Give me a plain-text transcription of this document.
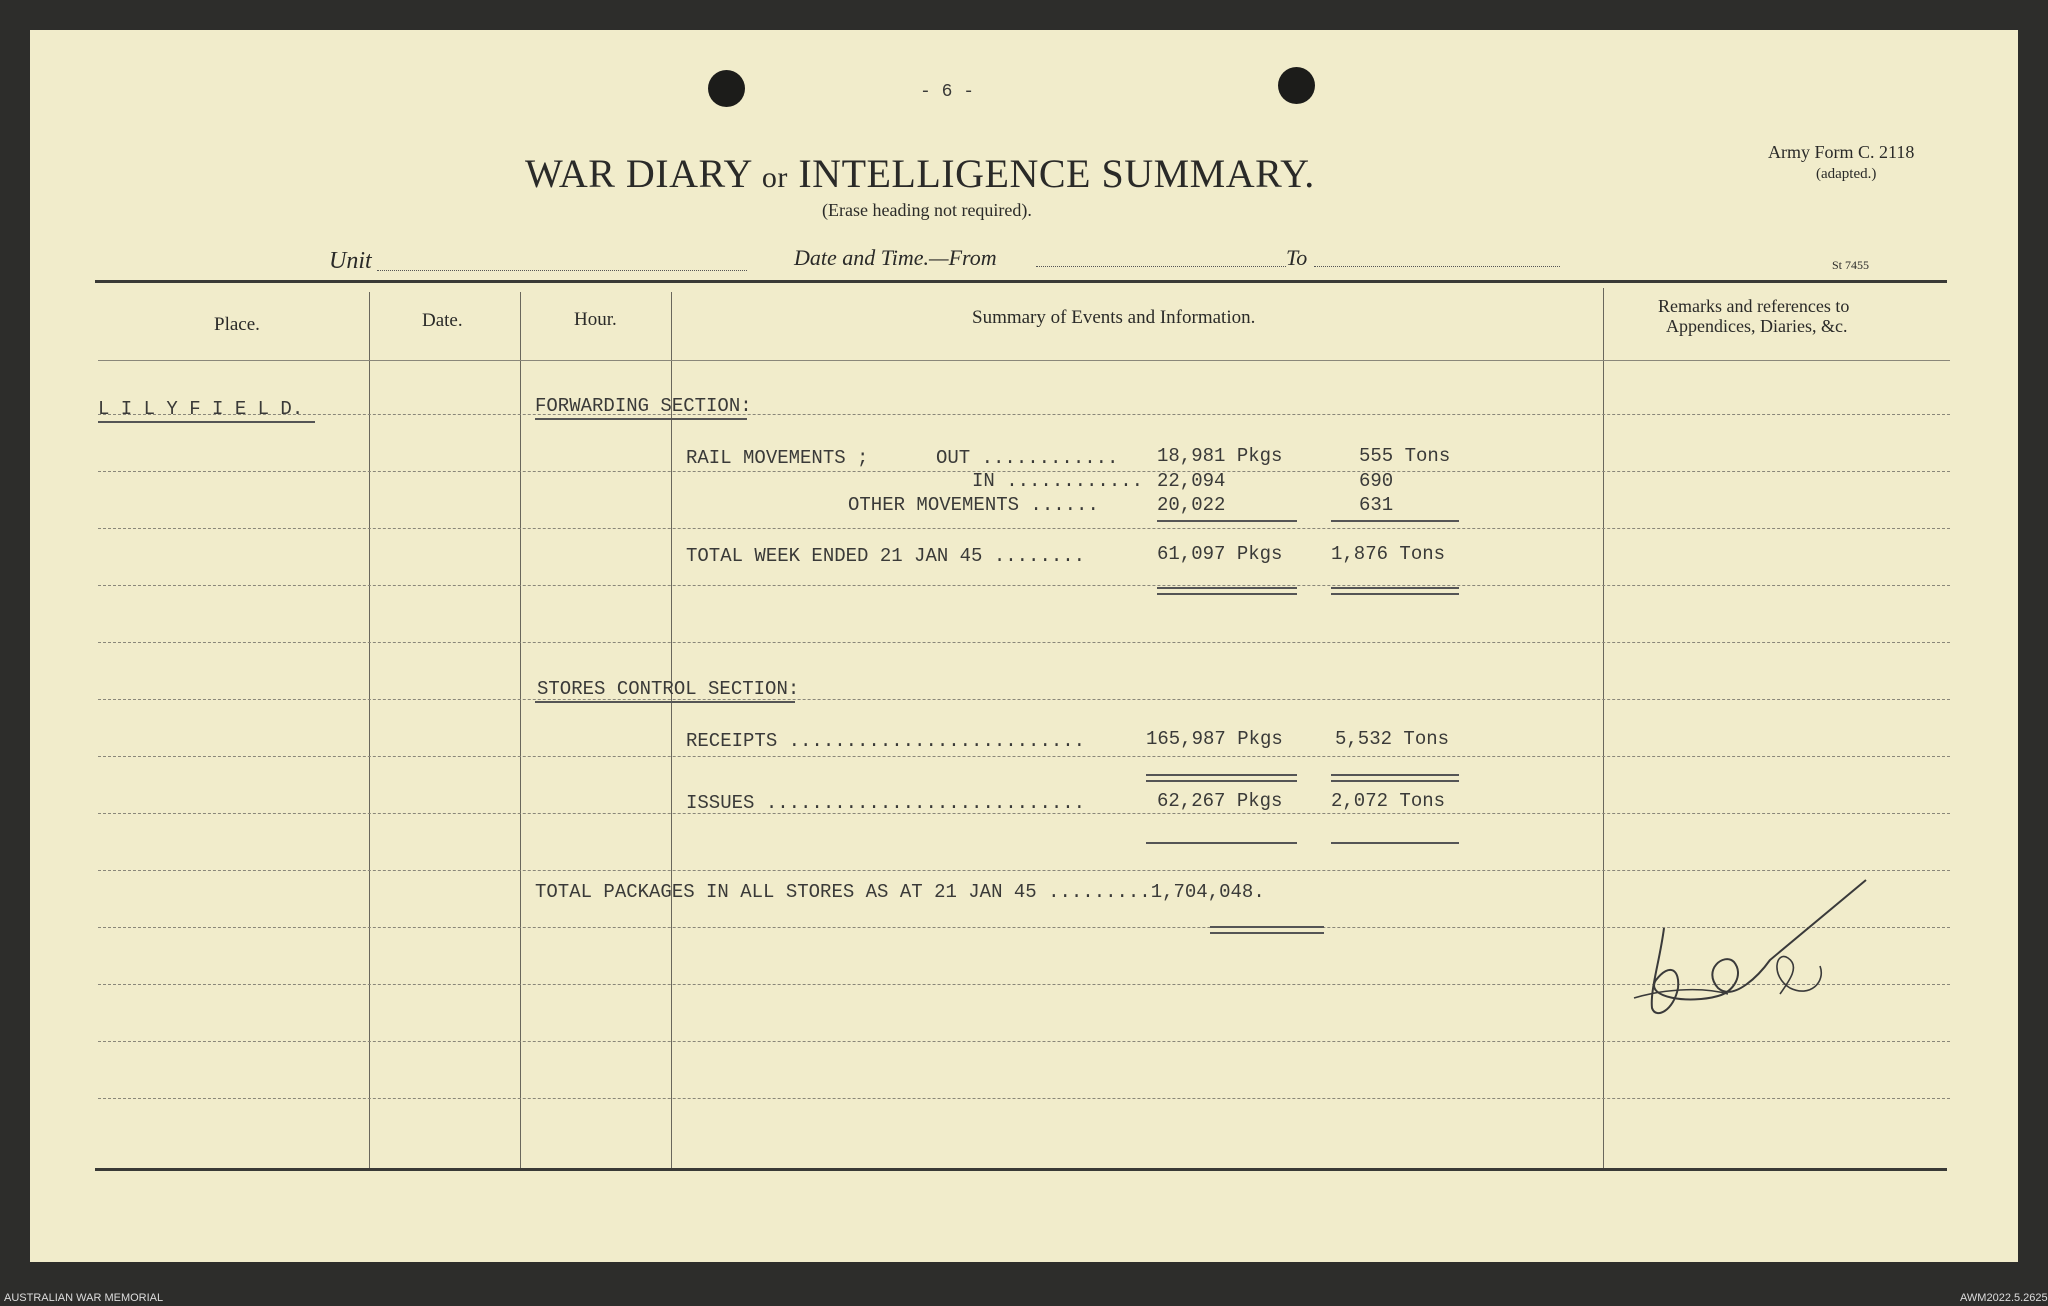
- 6 -
Army Form C. 2118
(adapted.)
WAR DIARY or INTELLIGENCE SUMMARY.
(Erase heading not required).
Unit	Date and Time.—From	To	St 7455
Place.	Date.	Hour.	Summary of Events and Information.
Remarks and references to
Appendices, Diaries, &c.
L I L Y F I E L D.	FORWARDING SECTION:
RAIL MOVEMENTS ;	OUT ............ 18,981 Pkgs	555 Tons
IN ............ 22,094	690
OTHER MOVEMENTS ......	20,022	631
TOTAL WEEK ENDED 21 JAN 45 ........	61,097 Pkgs	1,876 Tons
STORES CONTROL SECTION:
RECEIPTS ..........................	165,987 Pkgs	5,532 Tons
ISSUES ............................	62,267 Pkgs	2,072 Tons
TOTAL PACKAGES IN ALL STORES AS AT 21 JAN 45 .........1,704,048.
AUSTRALIAN WAR MEMORIAL	AWM2022.5.2625
